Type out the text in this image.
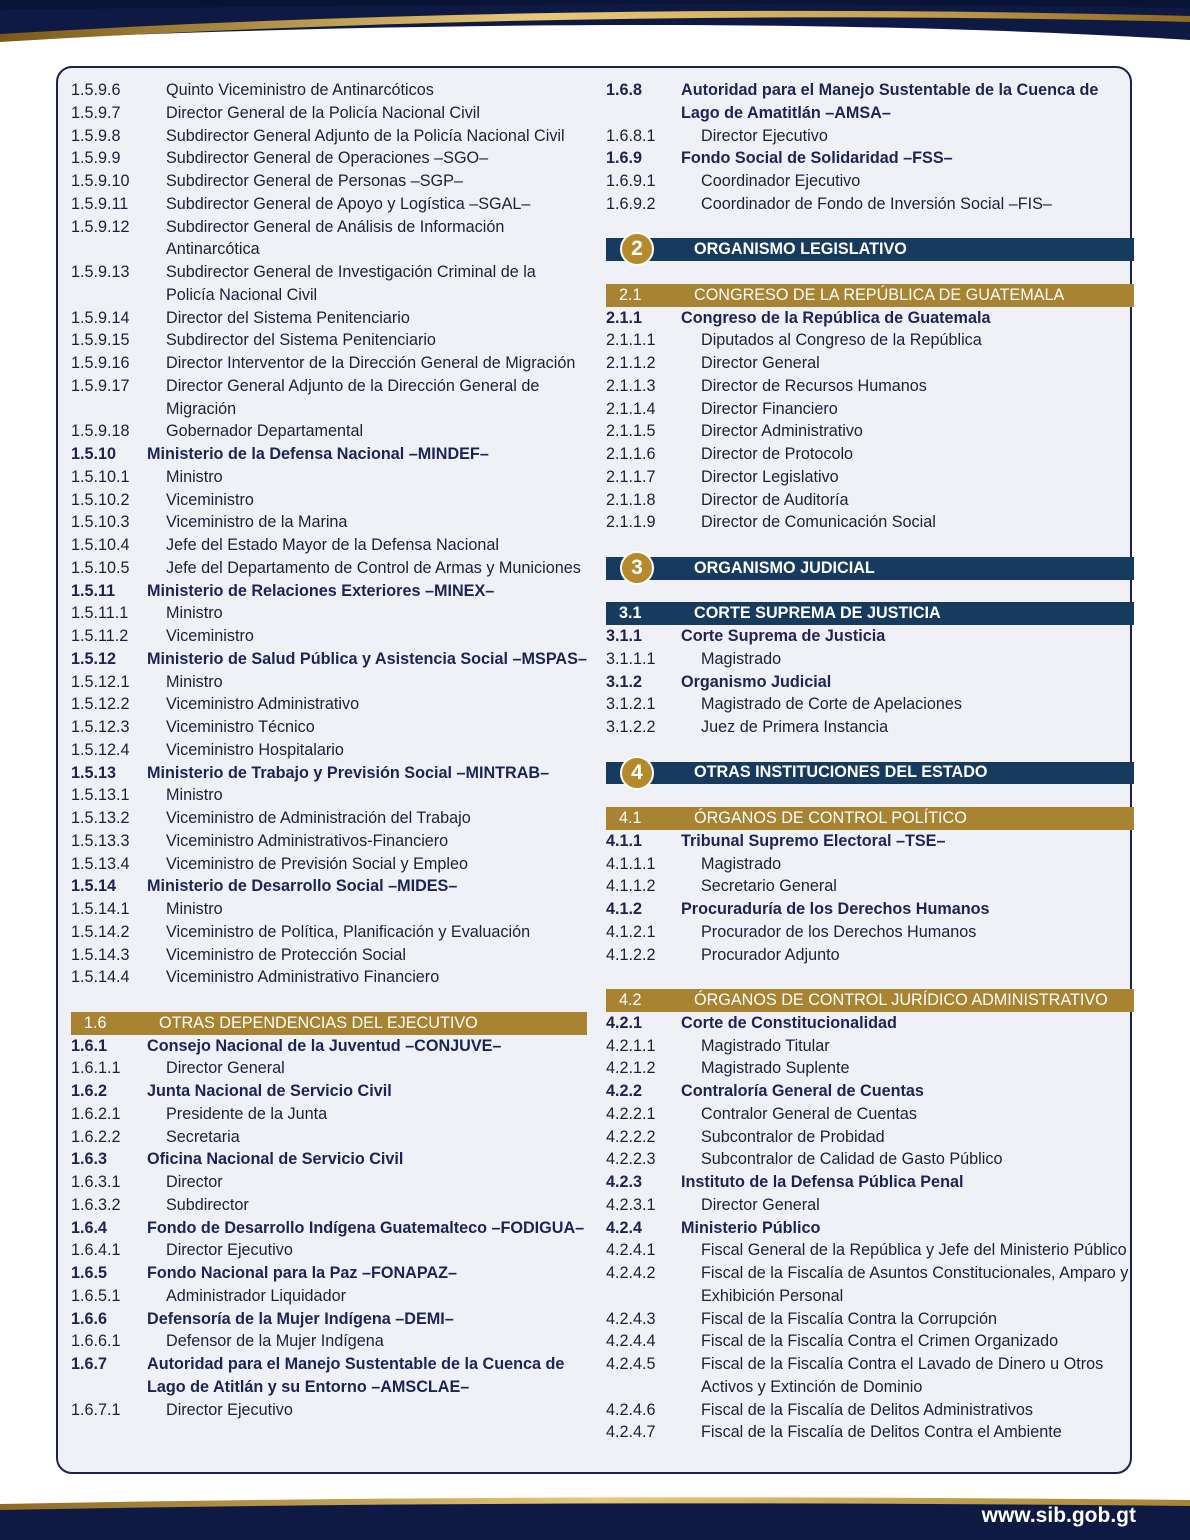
1.5.9.6	Quinto Viceministro de Antinarcóticos
1.5.9.7	Director General de la Policía Nacional Civil
1.5.9.8	Subdirector General Adjunto de la Policía Nacional Civil
1.5.9.9	Subdirector General de Operaciones –SGO–
1.5.9.10	Subdirector General de Personas –SGP–
1.5.9.11	Subdirector General de Apoyo y Logística –SGAL–
1.5.9.12	Subdirector General de Análisis de Información Antinarcótica
1.5.9.13	Subdirector General de Investigación Criminal de la Policía Nacional Civil
1.5.9.14	Director del Sistema Penitenciario
1.5.9.15	Subdirector del Sistema Penitenciario
1.5.9.16	Director Interventor de la Dirección General de Migración
1.5.9.17	Director General Adjunto de la Dirección General de Migración
1.5.9.18	Gobernador Departamental
1.5.10	Ministerio de la Defensa Nacional –MINDEF–
1.5.10.1	Ministro
1.5.10.2	Viceministro
1.5.10.3	Viceministro de la Marina
1.5.10.4	Jefe del Estado Mayor de la Defensa Nacional
1.5.10.5	Jefe del Departamento de Control de Armas y Municiones
1.5.11	Ministerio de Relaciones Exteriores –MINEX–
1.5.11.1	Ministro
1.5.11.2	Viceministro
1.5.12	Ministerio de Salud Pública y Asistencia Social –MSPAS–
1.5.12.1	Ministro
1.5.12.2	Viceministro Administrativo
1.5.12.3	Viceministro Técnico
1.5.12.4	Viceministro Hospitalario
1.5.13	Ministerio de Trabajo y Previsión Social –MINTRAB–
1.5.13.1	Ministro
1.5.13.2	Viceministro de Administración del Trabajo
1.5.13.3	Viceministro Administrativos-Financiero
1.5.13.4	Viceministro de Previsión Social y Empleo
1.5.14	Ministerio de Desarrollo Social –MIDES–
1.5.14.1	Ministro
1.5.14.2	Viceministro de Política, Planificación y Evaluación
1.5.14.3	Viceministro de Protección Social
1.5.14.4	Viceministro Administrativo Financiero
1.6	OTRAS DEPENDENCIAS DEL EJECUTIVO
1.6.1	Consejo Nacional de la Juventud –CONJUVE–
1.6.1.1	Director General
1.6.2	Junta Nacional de Servicio Civil
1.6.2.1	Presidente de la Junta
1.6.2.2	Secretaria
1.6.3	Oficina Nacional de Servicio Civil
1.6.3.1	Director
1.6.3.2	Subdirector
1.6.4	Fondo de Desarrollo Indígena Guatemalteco –FODIGUA–
1.6.4.1	Director Ejecutivo
1.6.5	Fondo Nacional para la Paz –FONAPAZ–
1.6.5.1	Administrador Liquidador
1.6.6	Defensoría de la Mujer Indígena –DEMI–
1.6.6.1	Defensor de la Mujer Indígena
1.6.7	Autoridad para el Manejo Sustentable de la Cuenca de Lago de Atitlán y su Entorno –AMSCLAE–
1.6.7.1	Director Ejecutivo
1.6.8	Autoridad para el Manejo Sustentable de la Cuenca de Lago de Amatitlán –AMSA–
1.6.8.1	Director Ejecutivo
1.6.9	Fondo Social de Solidaridad –FSS–
1.6.9.1	Coordinador Ejecutivo
1.6.9.2	Coordinador de Fondo de Inversión Social –FIS–
2	ORGANISMO LEGISLATIVO
2.1	CONGRESO DE LA REPÚBLICA DE GUATEMALA
2.1.1	Congreso de la República de Guatemala
2.1.1.1	Diputados al Congreso de la República
2.1.1.2	Director General
2.1.1.3	Director de Recursos Humanos
2.1.1.4	Director Financiero
2.1.1.5	Director Administrativo
2.1.1.6	Director de Protocolo
2.1.1.7	Director Legislativo
2.1.1.8	Director de Auditoría
2.1.1.9	Director de Comunicación Social
3	ORGANISMO JUDICIAL
3.1	CORTE SUPREMA DE JUSTICIA
3.1.1	Corte Suprema de Justicia
3.1.1.1	Magistrado
3.1.2	Organismo Judicial
3.1.2.1	Magistrado de Corte de Apelaciones
3.1.2.2	Juez de Primera Instancia
4	OTRAS INSTITUCIONES DEL ESTADO
4.1	ÓRGANOS DE CONTROL POLÍTICO
4.1.1	Tribunal Supremo Electoral –TSE–
4.1.1.1	Magistrado
4.1.1.2	Secretario General
4.1.2	Procuraduría de los Derechos Humanos
4.1.2.1	Procurador de los Derechos Humanos
4.1.2.2	Procurador Adjunto
4.2	ÓRGANOS DE CONTROL JURÍDICO ADMINISTRATIVO
4.2.1	Corte de Constitucionalidad
4.2.1.1	Magistrado Titular
4.2.1.2	Magistrado Suplente
4.2.2	Contraloría General de Cuentas
4.2.2.1	Contralor General de Cuentas
4.2.2.2	Subcontralor de Probidad
4.2.2.3	Subcontralor de Calidad de Gasto Público
4.2.3	Instituto de la Defensa Pública Penal
4.2.3.1	Director General
4.2.4	Ministerio Público
4.2.4.1	Fiscal General de la República y Jefe del Ministerio Público
4.2.4.2	Fiscal de la Fiscalía de Asuntos Constitucionales, Amparo y Exhibición Personal
4.2.4.3	Fiscal de la Fiscalía Contra la Corrupción
4.2.4.4	Fiscal de la Fiscalía Contra el Crimen Organizado
4.2.4.5	Fiscal de la Fiscalía Contra el Lavado de Dinero u Otros Activos y Extinción de Dominio
4.2.4.6	Fiscal de la Fiscalía de Delitos Administrativos
4.2.4.7	Fiscal de la Fiscalía de Delitos Contra el Ambiente
www.sib.gob.gt
